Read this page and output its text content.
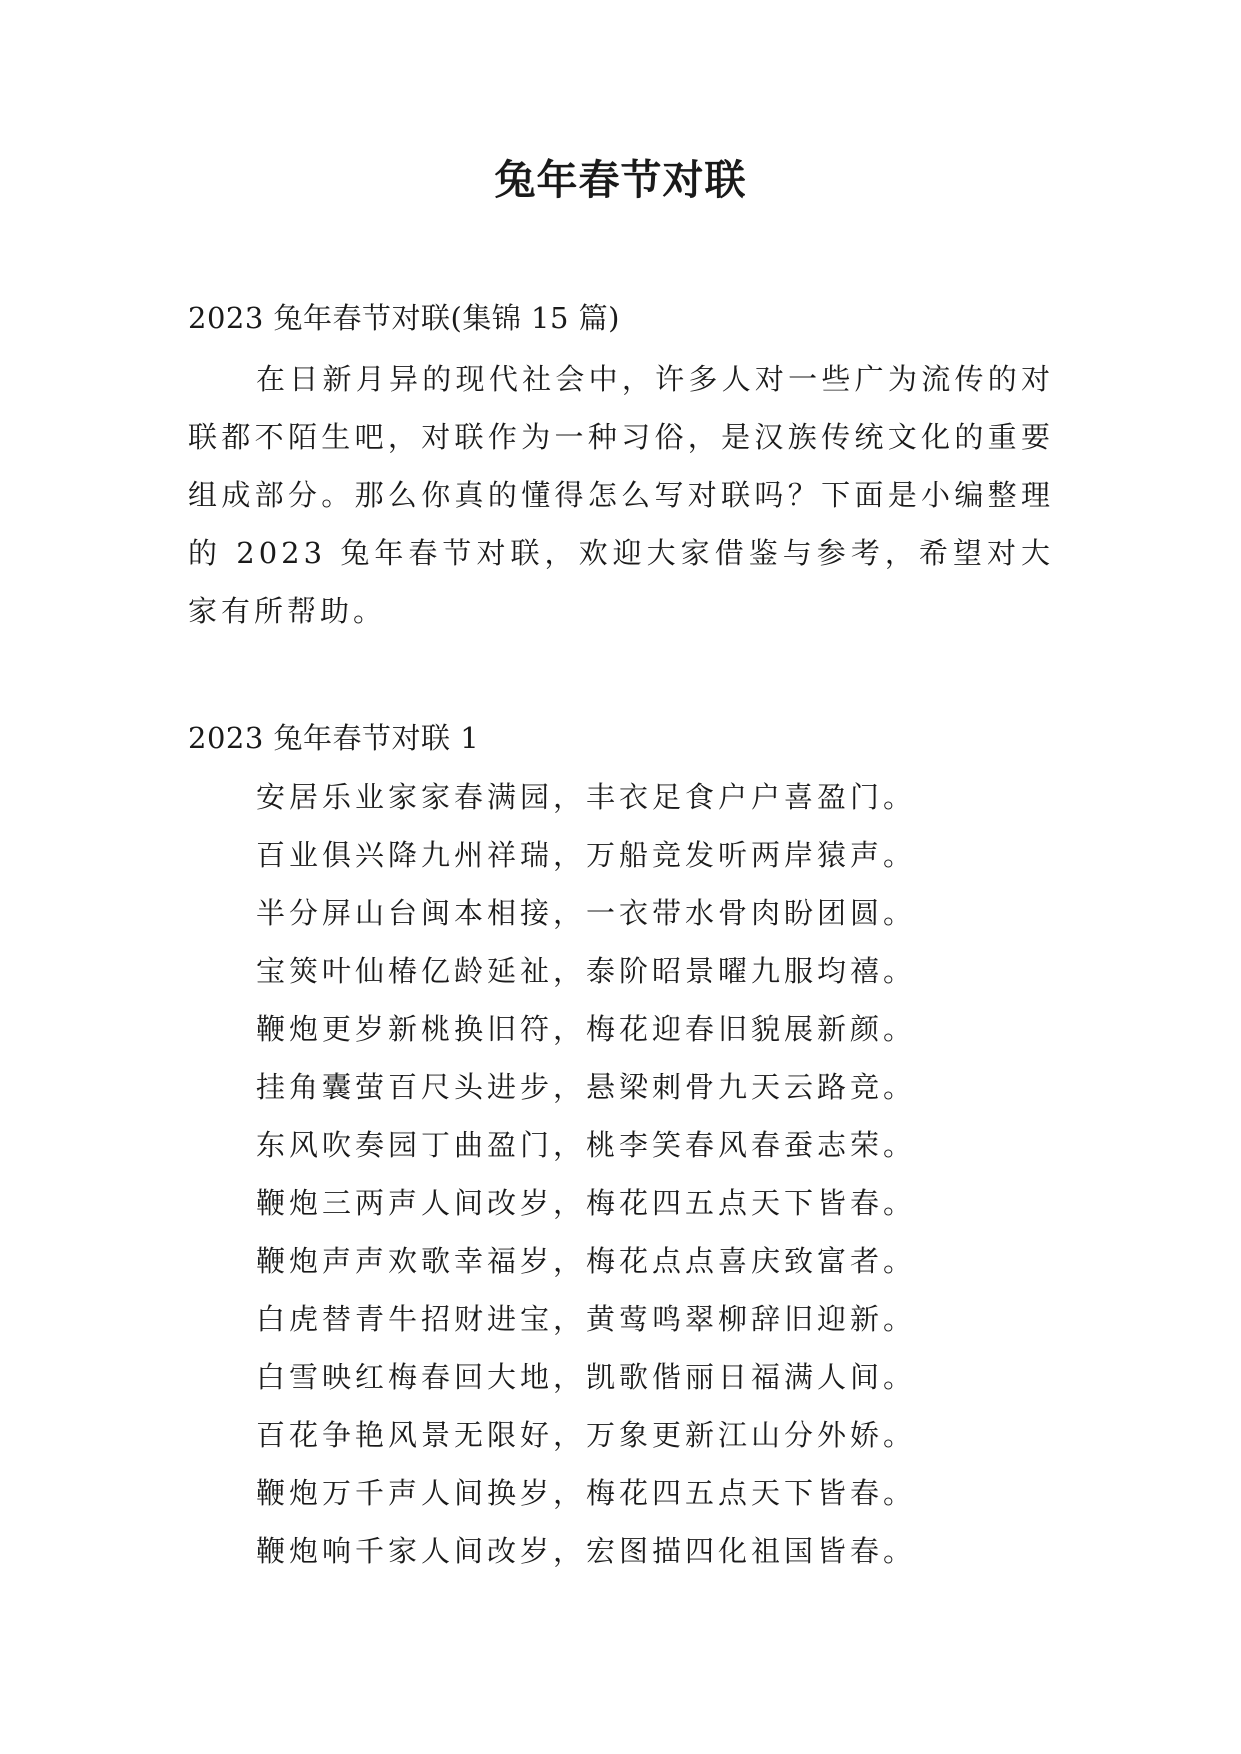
兔年春节对联

2023 兔年春节对联(集锦 15 篇)

在日新月异的现代社会中，许多人对一些广为流传的对联都不陌生吧，对联作为一种习俗，是汉族传统文化的重要组成部分。那么你真的懂得怎么写对联吗？下面是小编整理的 2023 兔年春节对联，欢迎大家借鉴与参考，希望对大家有所帮助。

2023 兔年春节对联 1

安居乐业家家春满园，丰衣足食户户喜盈门。
百业俱兴降九州祥瑞，万船竞发听两岸猿声。
半分屏山台闽本相接，一衣带水骨肉盼团圆。
宝筴叶仙椿亿龄延祉，泰阶昭景曜九服均禧。
鞭炮更岁新桃换旧符，梅花迎春旧貌展新颜。
挂角囊萤百尺头进步，悬梁刺骨九天云路竞。
东风吹奏园丁曲盈门，桃李笑春风春蚕志荣。
鞭炮三两声人间改岁，梅花四五点天下皆春。
鞭炮声声欢歌幸福岁，梅花点点喜庆致富者。
白虎替青牛招财进宝，黄莺鸣翠柳辞旧迎新。
白雪映红梅春回大地，凯歌偕丽日福满人间。
百花争艳风景无限好，万象更新江山分外娇。
鞭炮万千声人间换岁，梅花四五点天下皆春。
鞭炮响千家人间改岁，宏图描四化祖国皆春。
